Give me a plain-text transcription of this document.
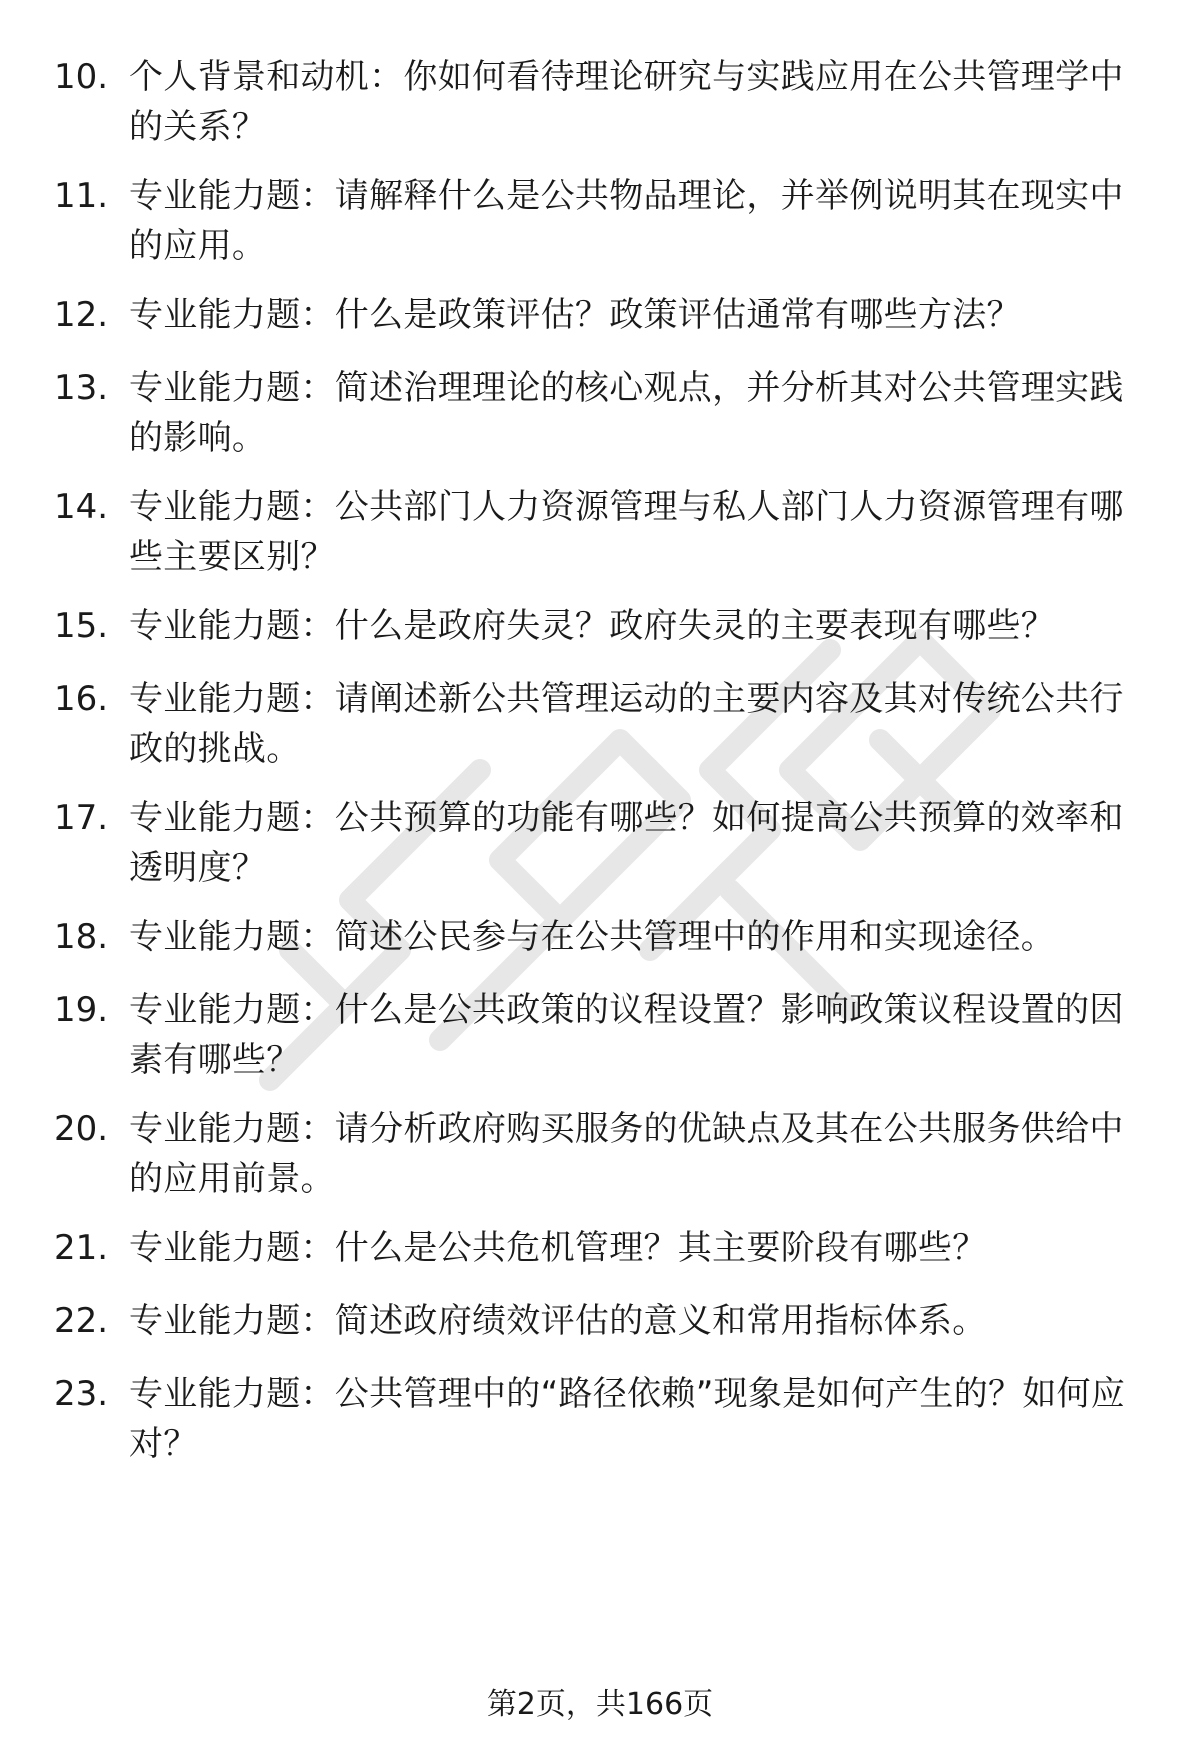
10. 个人背景和动机：你如何看待理论研究与实践应用在公共管理学中的关系？
11. 专业能力题：请解释什么是公共物品理论，并举例说明其在现实中的应用。
12. 专业能力题：什么是政策评估？政策评估通常有哪些方法？
13. 专业能力题：简述治理理论的核心观点，并分析其对公共管理实践的影响。
14. 专业能力题：公共部门人力资源管理与私人部门人力资源管理有哪些主要区别？
15. 专业能力题：什么是政府失灵？政府失灵的主要表现有哪些？
16. 专业能力题：请阐述新公共管理运动的主要内容及其对传统公共行政的挑战。
17. 专业能力题：公共预算的功能有哪些？如何提高公共预算的效率和透明度？
18. 专业能力题：简述公民参与在公共管理中的作用和实现途径。
19. 专业能力题：什么是公共政策的议程设置？影响政策议程设置的因素有哪些？
20. 专业能力题：请分析政府购买服务的优缺点及其在公共服务供给中的应用前景。
21. 专业能力题：什么是公共危机管理？其主要阶段有哪些？
22. 专业能力题：简述政府绩效评估的意义和常用指标体系。
23. 专业能力题：公共管理中的“路径依赖”现象是如何产生的？如何应对？
第2页，共166页
